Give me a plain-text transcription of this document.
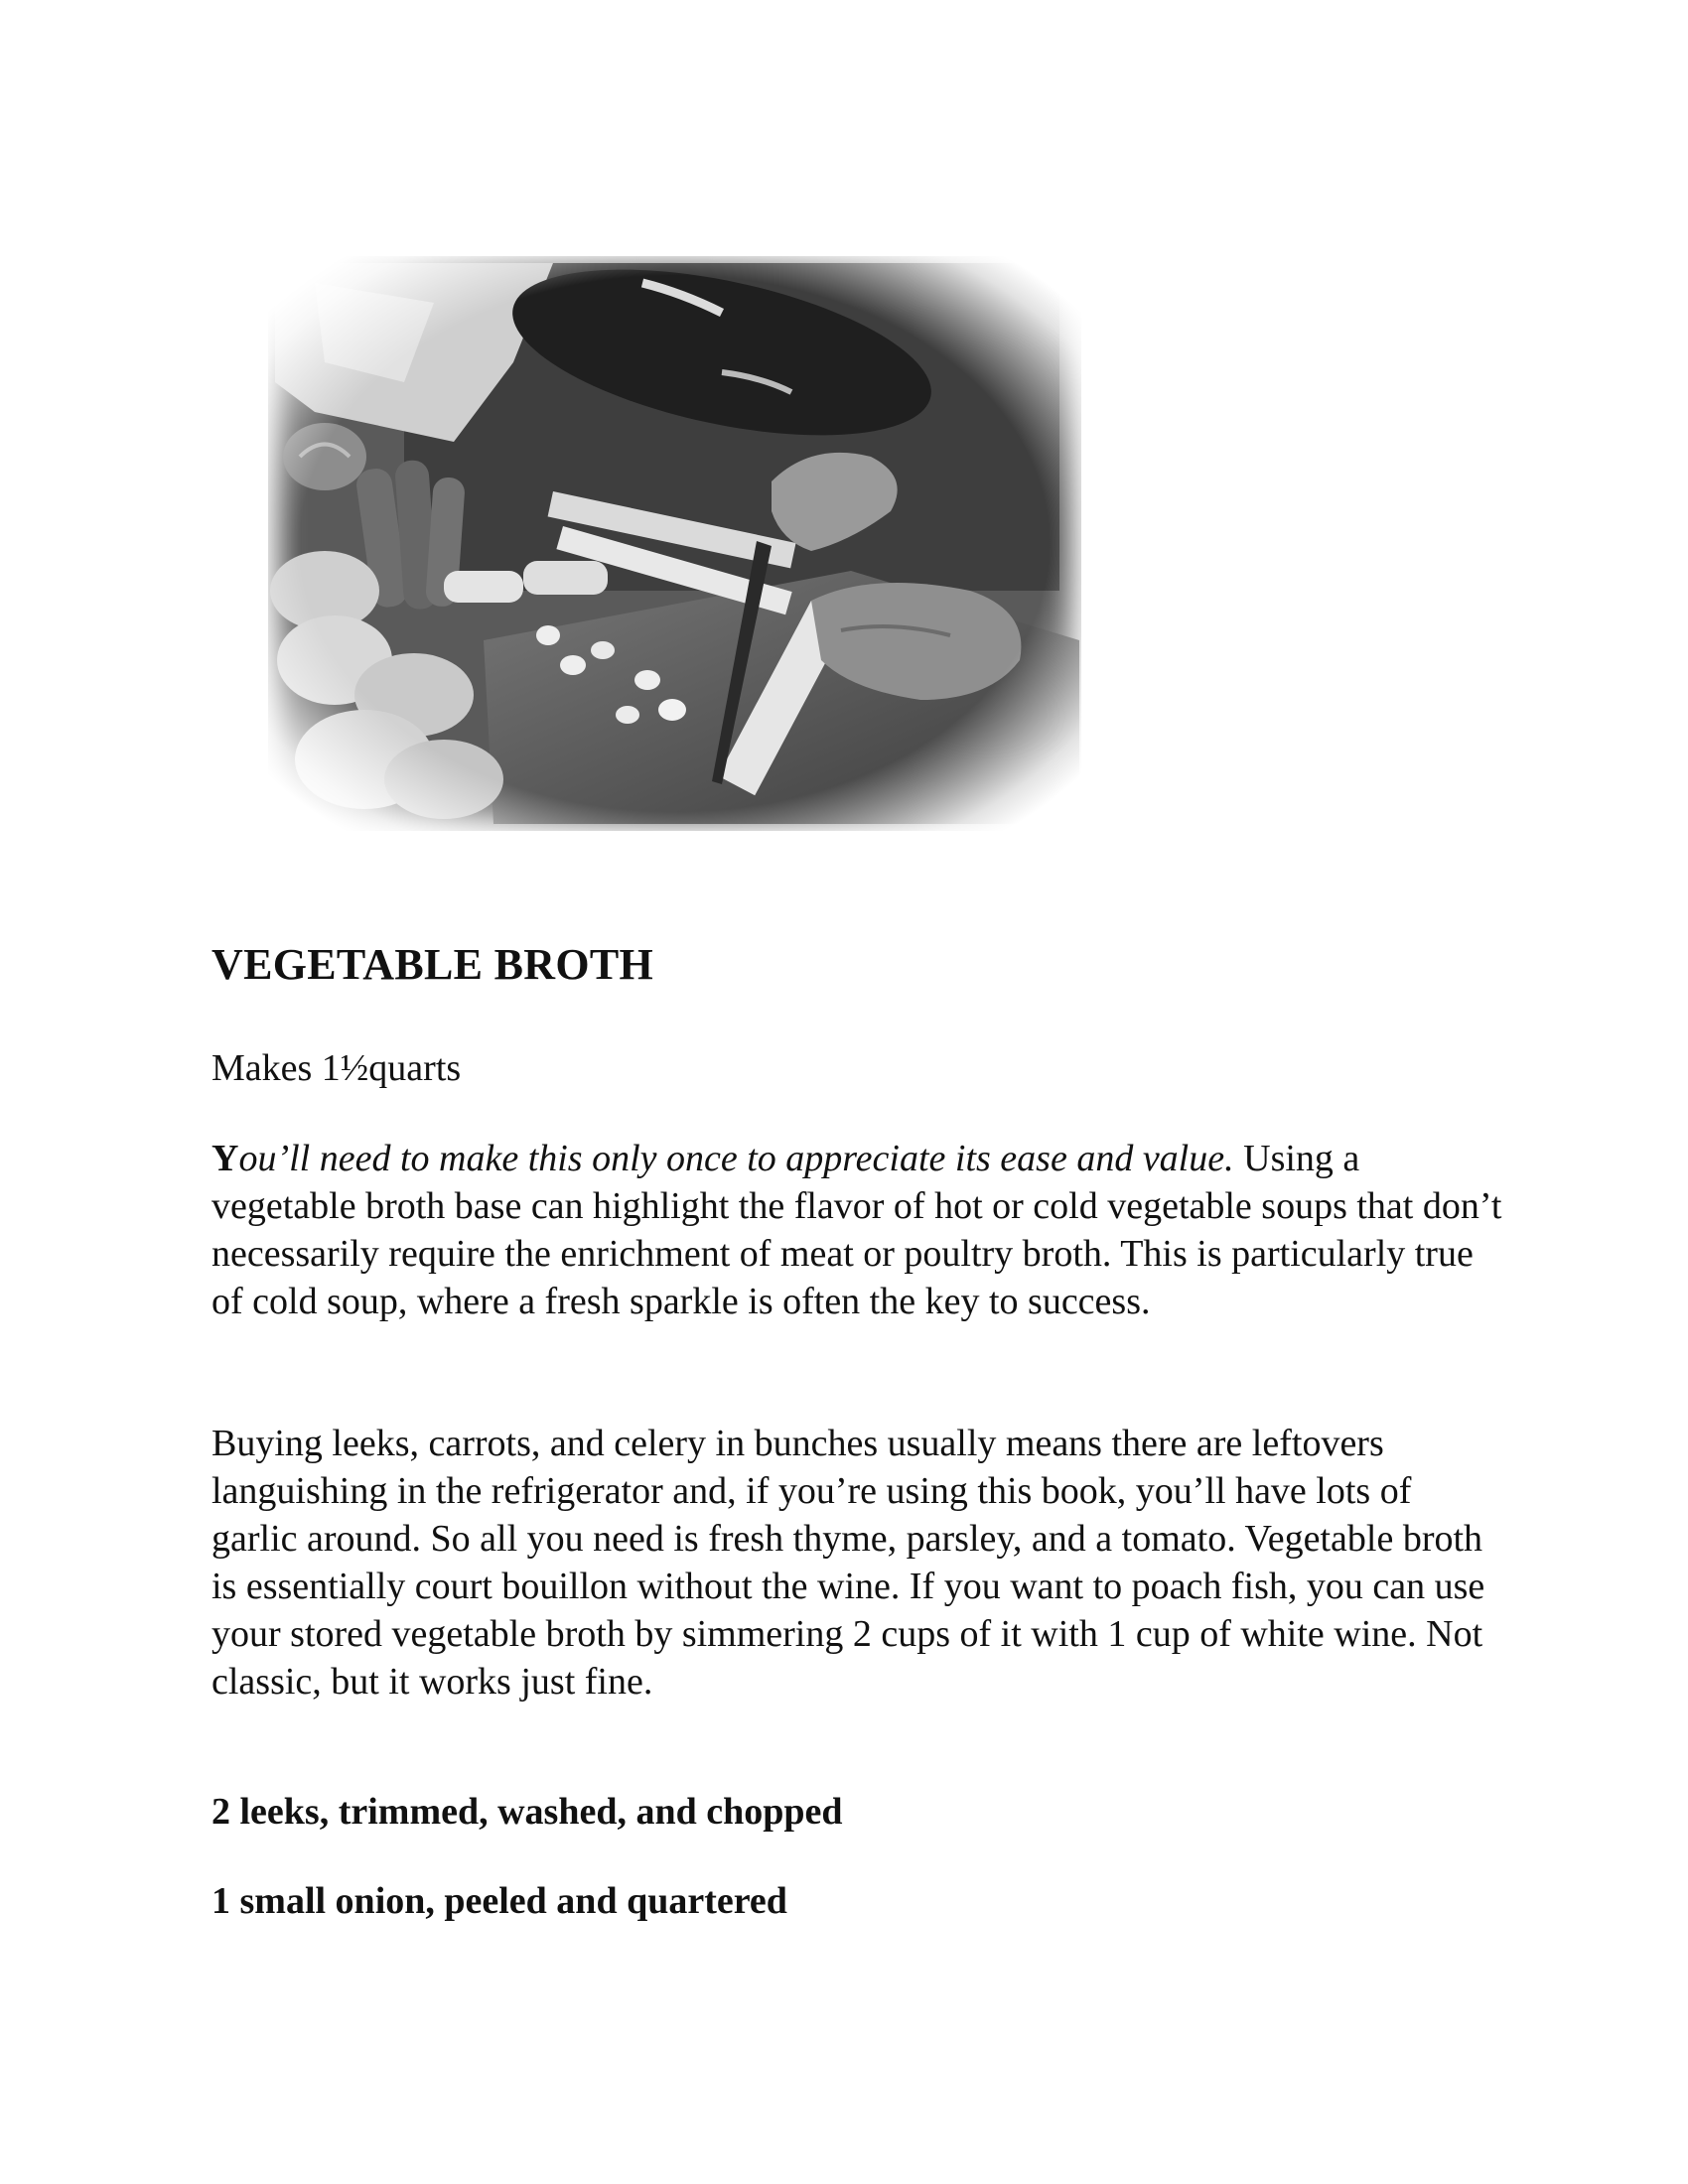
VEGETABLE BROTH

Makes 1½quarts

You’ll need to make this only once to appreciate its ease and value. Using a vegetable broth base can highlight the flavor of hot or cold vegetable soups that don’t necessarily require the enrichment of meat or poultry broth. This is particularly true of cold soup, where a fresh sparkle is often the key to success.

Buying leeks, carrots, and celery in bunches usually means there are leftovers languishing in the refrigerator and, if you’re using this book, you’ll have lots of garlic around. So all you need is fresh thyme, parsley, and a tomato. Vegetable broth is essentially court bouillon without the wine. If you want to poach fish, you can use your stored vegetable broth by simmering 2 cups of it with 1 cup of white wine. Not classic, but it works just fine.

2 leeks, trimmed, washed, and chopped

1 small onion, peeled and quartered
